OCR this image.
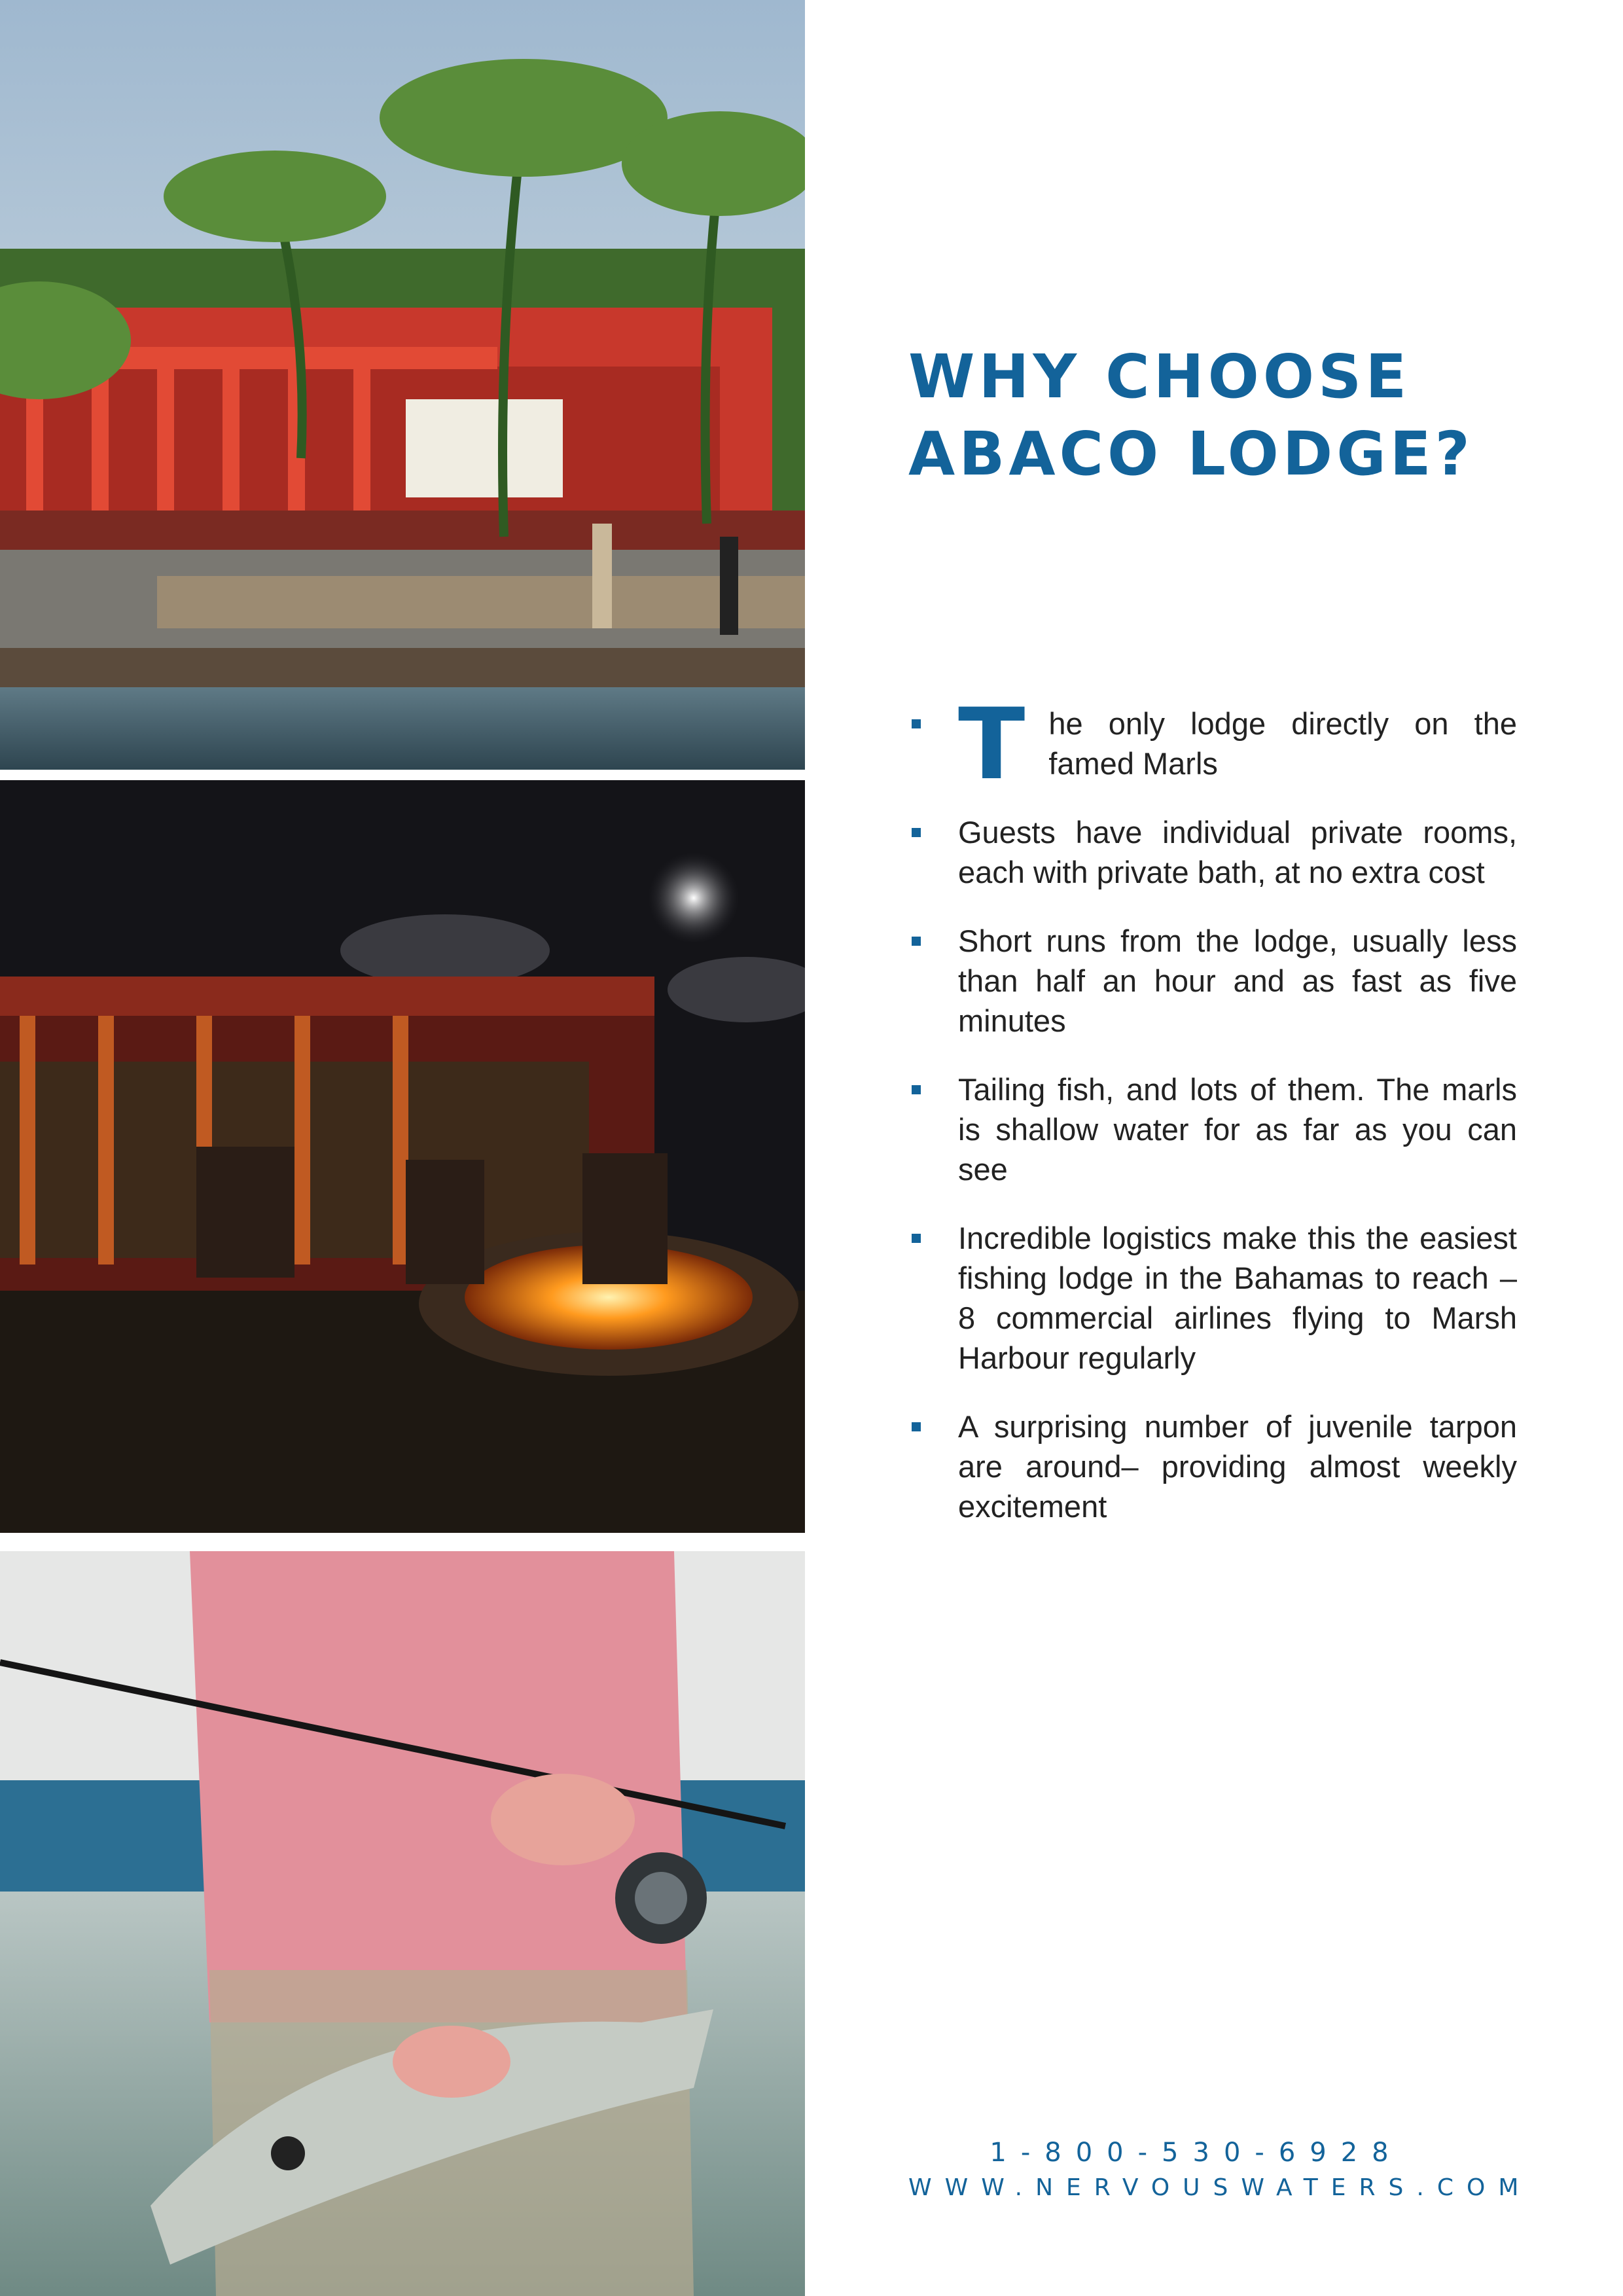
WHY CHOOSE
ABACO LODGE?
T he only lodge directly on the famed Marls
Guests have individual private rooms, each with private bath, at no extra cost
Short runs from the lodge, usually less than half an hour and as fast as five minutes
Tailing fish, and lots of them. The marls is shallow water for as far as you can see
Incredible logistics make this the easiest fishing lodge in the Bahamas to reach – 8 commercial airlines flying to Marsh Harbour regularly
A surprising number of juvenile tarpon are around– providing almost weekly excitement
1-800-530-6928
WWW.NERVOUSWATERS.COM
